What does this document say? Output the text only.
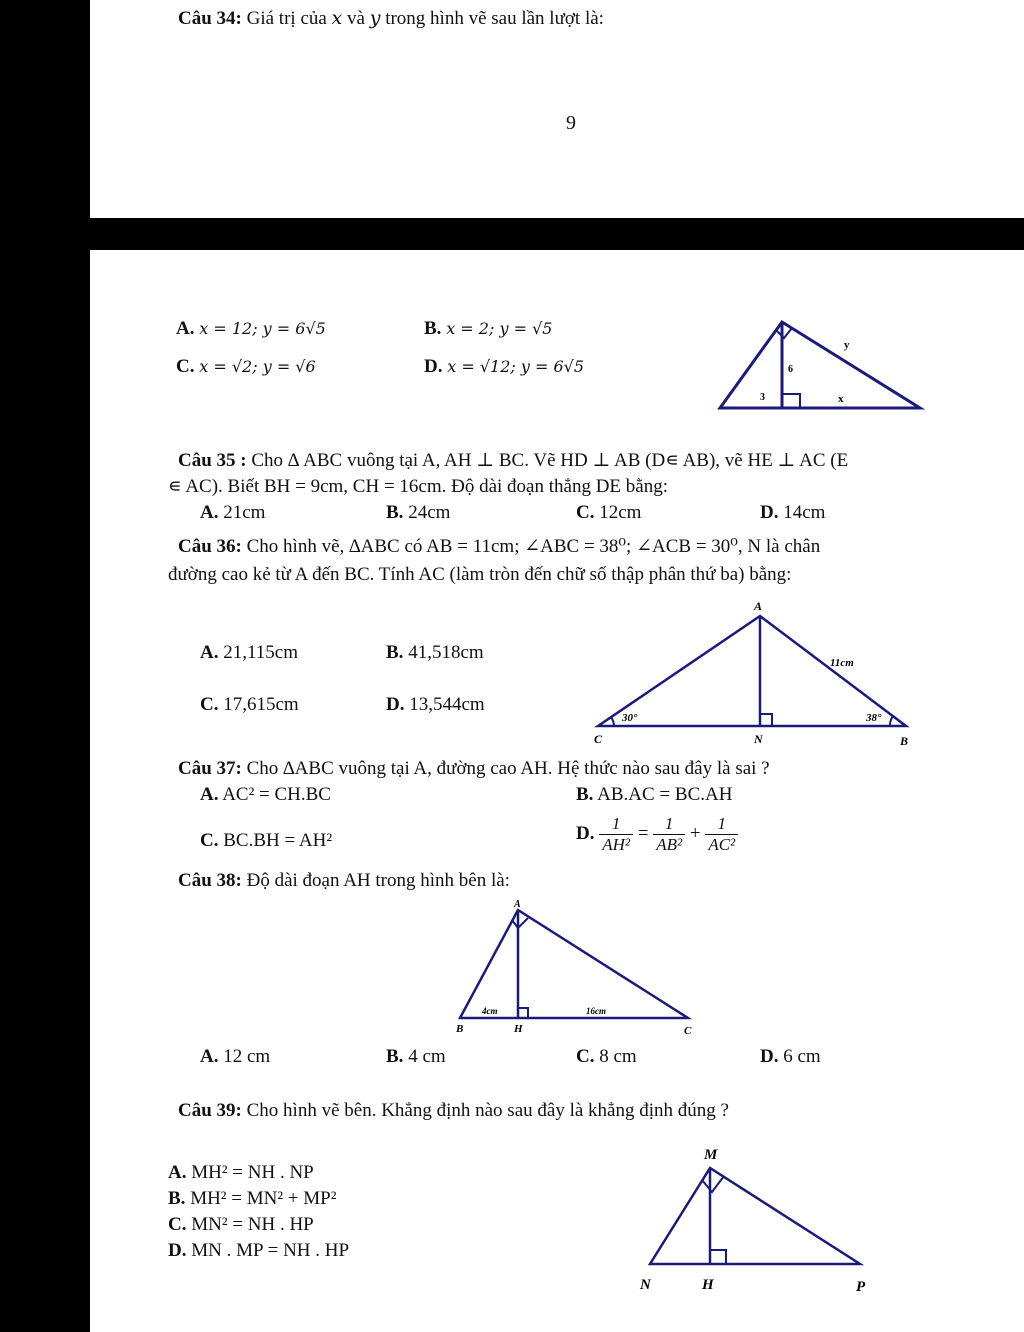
Câu 34: Giá trị của 𝑥 và 𝑦 trong hình vẽ sau lần lượt là:
9
A. x = 12; y = 6√5	B. x = 2; y = √5
C. x = √2; y = √6	D. x = √12; y = 6√5
y
6
3	x
Câu 35 : Cho ∆ ABC vuông tại A, AH ⊥ BC. Vẽ HD ⊥ AB (D∊ AB), vẽ HE ⊥ AC (E
∊ AC). Biết BH = 9cm, CH = 16cm. Độ dài đoạn thẳng DE bằng:
A. 21cm	B. 24cm	C. 12cm	D. 14cm
Câu 36: Cho hình vẽ, ∆ABC có AB = 11cm; ∠ABC = 38⁰; ∠ACB = 30⁰, N là chân
đường cao kẻ từ A đến BC. Tính AC (làm tròn đến chữ số thập phân thứ ba) bằng:
A. 21,115cm	B. 41,518cm
C. 17,615cm	D. 13,544cm
A
C	N	B
11cm
30°	38°
Câu 37: Cho ∆ABC vuông tại A, đường cao AH. Hệ thức nào sau đây là sai ?
A. AC² = CH.BC	B. AB.AC = BC.AH
C. BC.BH = AH²	D. $\frac{1}{\text{AH²}} = \frac{1}{\text{AB²}} + \frac{1}{\text{AC²}}$
Câu 38: Độ dài đoạn AH trong hình bên là:
A
B	H	C
4cm	16cm
A. 12 cm	B. 4 cm	C. 8 cm	D. 6 cm
Câu 39: Cho hình vẽ bên. Khẳng định nào sau đây là khẳng định đúng ?
A. MH² = NH . NP
B. MH² = MN² + MP²
C. MN² = NH . HP
D. MN . MP = NH . HP
M
N	H	P
